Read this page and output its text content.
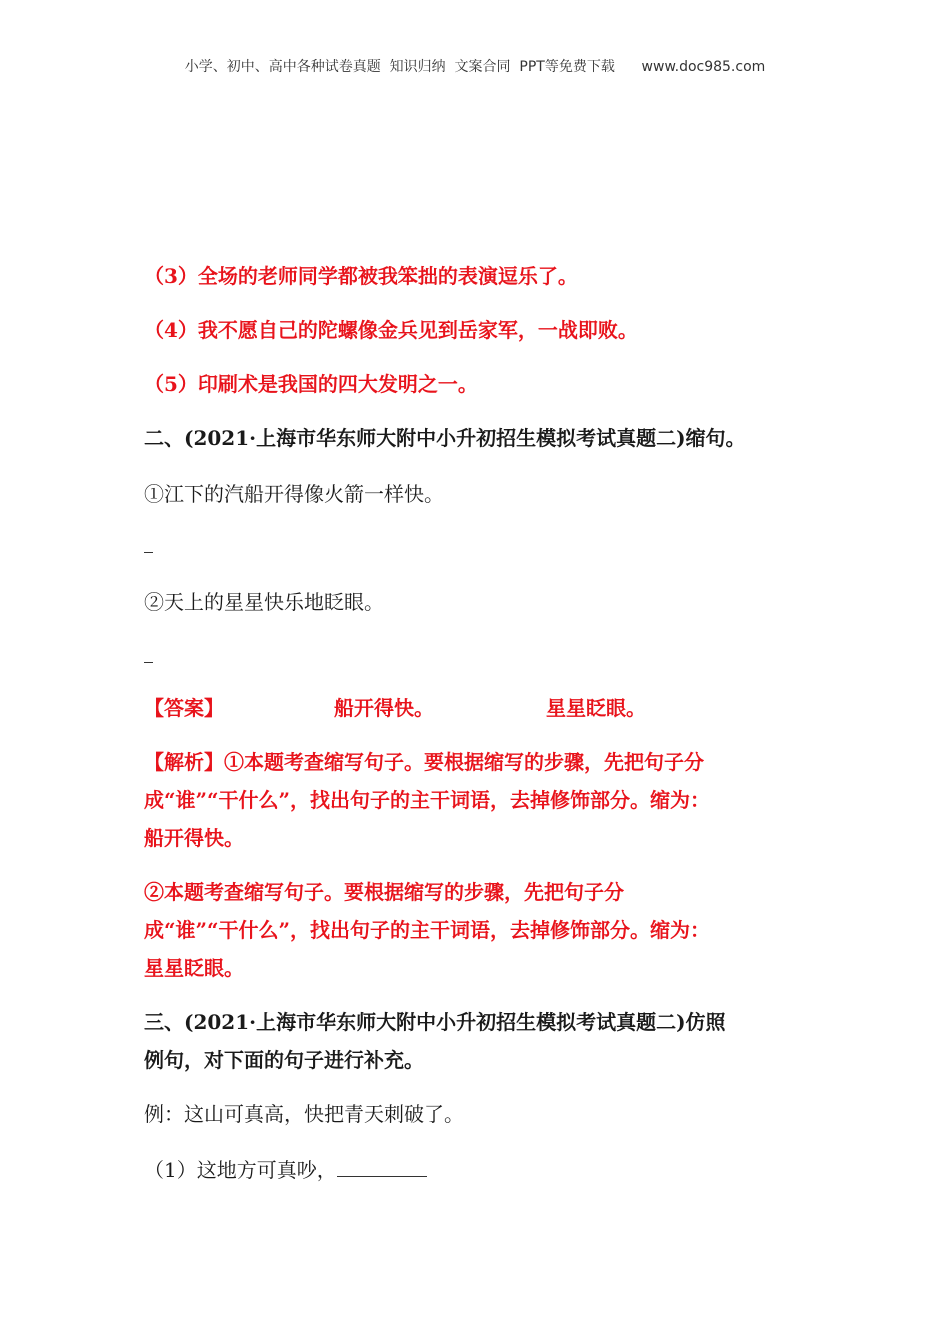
小学、初中、高中各种试卷真题  知识归纳  文案合同  PPT等免费下载 www.doc985.com
（3）全场的老师同学都被我笨拙的表演逗乐了。
（4）我不愿自己的陀螺像金兵见到岳家军，一战即败。
（5）印刷术是我国的四大发明之一。
二、(2021·上海市华东师大附中小升初招生模拟考试真题二)缩句。
①江下的汽船开得像火箭一样快。
②天上的星星快乐地眨眼。
【答案】	船开得快。	星星眨眼。
【解析】①本题考查缩写句子。要根据缩写的步骤，先把句子分
成“谁”“干什么”，找出句子的主干词语，去掉修饰部分。缩为：
船开得快。
②本题考查缩写句子。要根据缩写的步骤，先把句子分
成“谁”“干什么”，找出句子的主干词语，去掉修饰部分。缩为：
星星眨眼。
三、(2021·上海市华东师大附中小升初招生模拟考试真题二)仿照
例句，对下面的句子进行补充。
例：这山可真高，快把青天刺破了。
（1）这地方可真吵，
